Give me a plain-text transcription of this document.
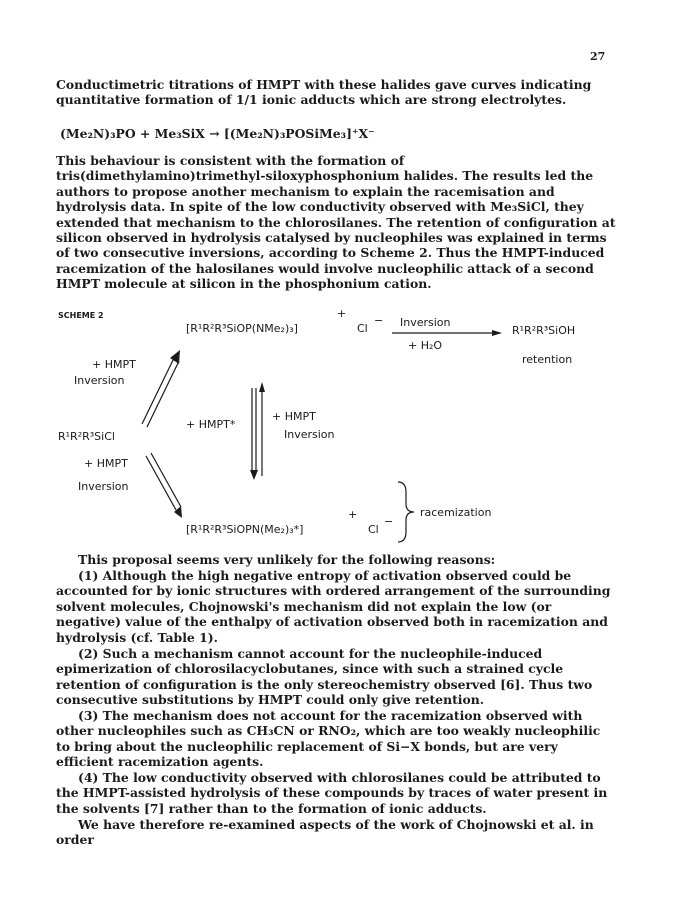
27

Conductimetric titrations of HMPT with these halides gave curves indicating quantitative formation of 1/1 ionic adducts which are strong electrolytes.

(Me₂N)₃PO + Me₃SiX → [(Me₂N)₃POSiMe₃]⁺X⁻

This behaviour is consistent with the formation of tris(dimethylamino)trimethyl-siloxyphosphonium halides. The results led the authors to propose another mechanism to explain the racemisation and hydrolysis data. In spite of the low conductivity observed with Me₃SiCl, they extended that mechanism to the chlorosilanes. The retention of configuration at silicon observed in hydrolysis catalysed by nucleophiles was explained in terms of two consecutive inversions, according to Scheme 2. Thus the HMPT-induced racemization of the halosilanes would involve nucleophilic attack of a second HMPT molecule at silicon in the phosphonium cation.

SCHEME 2
[R¹R²R³SiOP(NMe₂)₃]
+
Cl
− Inversion
+ H₂O
R¹R²R³SiOH
retention
+ HMPT
Inversion
R¹R²R³SiCl
+ HMPT*
+ HMPT
Inversion
+ HMPT
Inversion
[R¹R²R³SiOPN(Me₂)₃*]
+
Cl
−
racemization

This proposal seems very unlikely for the following reasons:

(1) Although the high negative entropy of activation observed could be accounted for by ionic structures with ordered arrangement of the surrounding solvent molecules, Chojnowski's mechanism did not explain the low (or negative) value of the enthalpy of activation observed both in racemization and hydrolysis (cf. Table 1).

(2) Such a mechanism cannot account for the nucleophile-induced epimerization of chlorosilacyclobutanes, since with such a strained cycle retention of configuration is the only stereochemistry observed [6]. Thus two consecutive substitutions by HMPT could only give retention.

(3) The mechanism does not account for the racemization observed with other nucleophiles such as CH₃CN or RNO₂, which are too weakly nucleophilic to bring about the nucleophilic replacement of Si−X bonds, but are very efficient racemization agents.

(4) The low conductivity observed with chlorosilanes could be attributed to the HMPT-assisted hydrolysis of these compounds by traces of water present in the solvents [7] rather than to the formation of ionic adducts.

We have therefore re-examined aspects of the work of Chojnowski et al. in order
